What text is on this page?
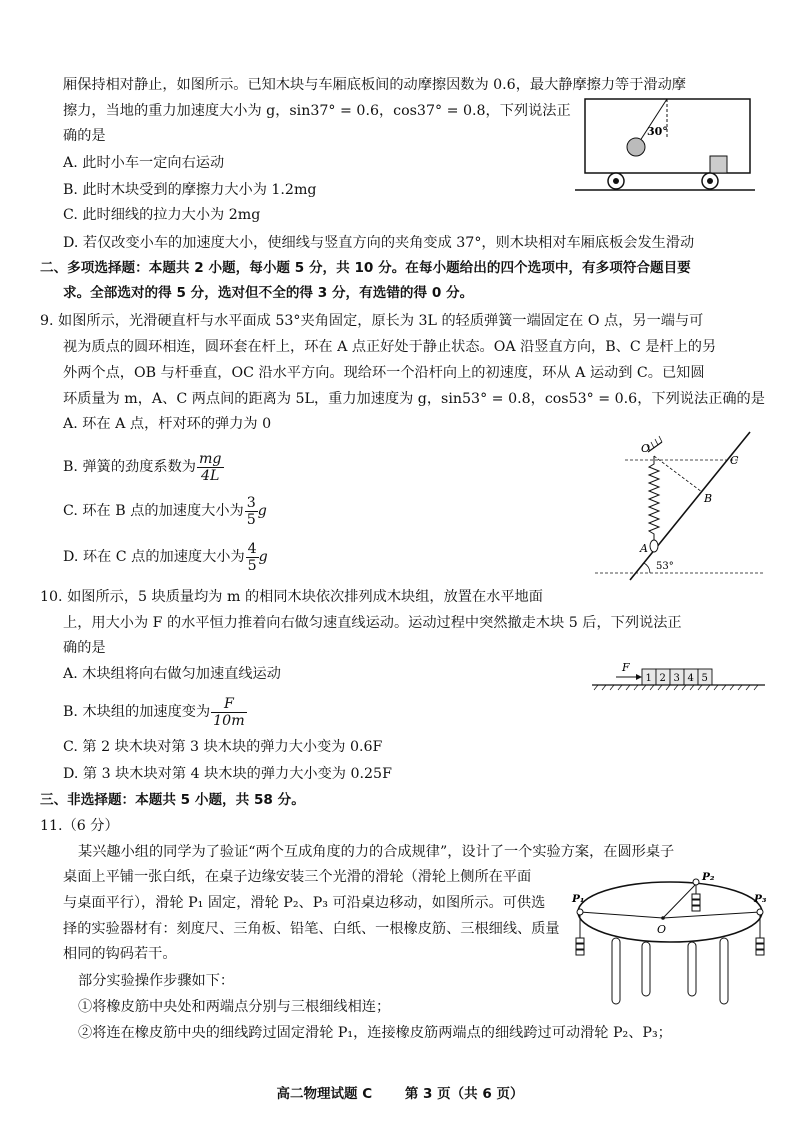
厢保持相对静止，如图所示。已知木块与车厢底板间的动摩擦因数为 0.6，最大静摩擦力等于滑动摩
擦力，当地的重力加速度大小为 g，sin37° = 0.6，cos37° = 0.8，下列说法正
确的是
A. 此时小车一定向右运动
B. 此时木块受到的摩擦力大小为 1.2mg
C. 此时细线的拉力大小为 2mg
D. 若仅改变小车的加速度大小，使细线与竖直方向的夹角变成 37°，则木块相对车厢底板会发生滑动
30°
二、多项选择题：本题共 2 小题，每小题 5 分，共 10 分。在每小题给出的四个选项中，有多项符合题目要
求。全部选对的得 5 分，选对但不全的得 3 分，有选错的得 0 分。
9. 如图所示，光滑硬直杆与水平面成 53°夹角固定，原长为 3L 的轻质弹簧一端固定在 O 点，另一端与可
视为质点的圆环相连，圆环套在杆上，环在 A 点正好处于静止状态。OA 沿竖直方向，B、C 是杆上的另
外两个点，OB 与杆垂直，OC 沿水平方向。现给环一个沿杆向上的初速度，环从 A 运动到 C。已知圆
环质量为 m，A、C 两点间的距离为 5L，重力加速度为 g，sin53° = 0.8，cos53° = 0.6，下列说法正确的是
A. 环在 A 点，杆对环的弹力为 0
B. 弹簧的劲度系数为 $\frac{mg}{4L}$
C. 环在 B 点的加速度大小为 $\frac{3}{5}$ g
D. 环在 C 点的加速度大小为 $\frac{4}{5}$ g
O
A
B
C
53°
10. 如图所示，5 块质量均为 m 的相同木块依次排列成木块组，放置在水平地面
上，用大小为 F 的水平恒力推着向右做匀速直线运动。运动过程中突然撤走木块 5 后，下列说法正
确的是
A. 木块组将向右做匀加速直线运动
B. 木块组的加速度变为 $\frac{F}{10m}$
C. 第 2 块木块对第 3 块木块的弹力大小变为 0.6F
D. 第 3 块木块对第 4 块木块的弹力大小变为 0.25F
F
1 2 3 4 5
三、非选择题：本题共 5 小题，共 58 分。
11.（6 分）
某兴趣小组的同学为了验证“两个互成角度的力的合成规律”，设计了一个实验方案，在圆形桌子
桌面上平铺一张白纸，在桌子边缘安装三个光滑的滑轮（滑轮上侧所在平面
与桌面平行），滑轮 P₁ 固定，滑轮 P₂、P₃ 可沿桌边移动，如图所示。可供选
择的实验器材有：刻度尺、三角板、铅笔、白纸、一根橡皮筋、三根细线、质量
相同的钩码若干。
部分实验操作步骤如下：
①将橡皮筋中央处和两端点分别与三根细线相连；
②将连在橡皮筋中央的细线跨过固定滑轮 P₁，连接橡皮筋两端点的细线跨过可动滑轮 P₂、P₃；
O
P₁
P₂
P₃
高二物理试题 C 第 3 页（共 6 页）
